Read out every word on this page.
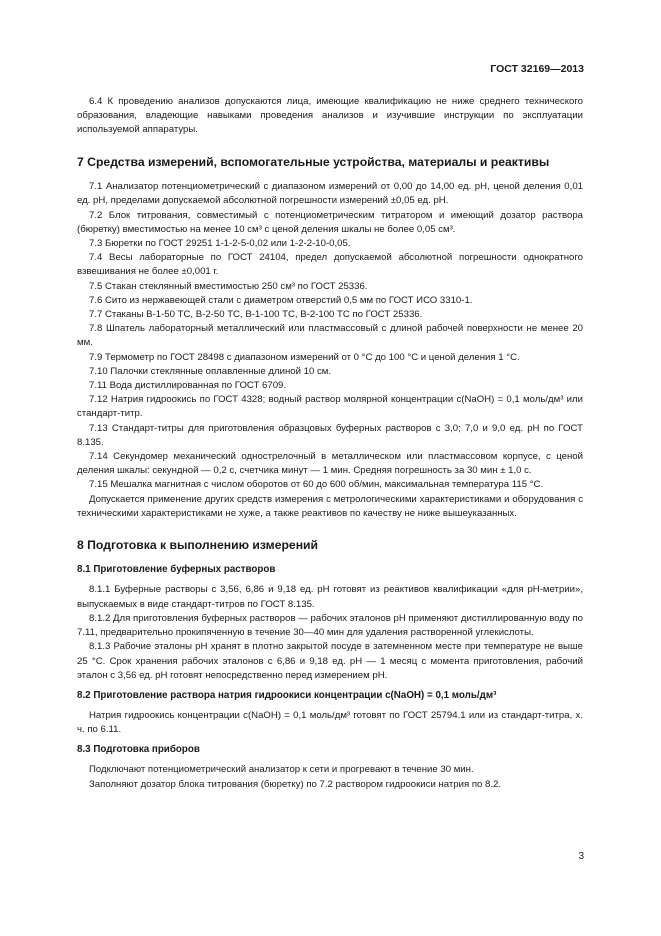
ГОСТ 32169—2013

6.4 К проведению анализов допускаются лица, имеющие квалификацию не ниже среднего технического образования, владеющие навыками проведения анализов и изучившие инструкции по эксплуатации используемой аппаратуры.

7 Средства измерений, вспомогательные устройства, материалы и реактивы

7.1 Анализатор потенциометрический с диапазоном измерений от 0,00 до 14,00 ед. рН, ценой деления 0,01 ед. рН, пределами допускаемой абсолютной погрешности измерений ±0,05 ед. рН.

7.2 Блок титрования, совместимый с потенциометрическим титратором и имеющий дозатор раствора (бюретку) вместимостью на менее 10 см³ с ценой деления шкалы не более 0,05 см³.

7.3 Бюретки по ГОСТ 29251 1-1-2-5-0,02 или 1-2-2-10-0,05.

7.4 Весы лабораторные по ГОСТ 24104, предел допускаемой абсолютной погрешности однократного взвешивания не более ±0,001 г.

7.5 Стакан стеклянный вместимостью 250 см³ по ГОСТ 25336.

7.6 Сито из нержавеющей стали с диаметром отверстий 0,5 мм по ГОСТ ИСО 3310-1.

7.7 Стаканы В-1-50 ТС, В-2-50 ТС, В-1-100 ТС, В-2-100 ТС по ГОСТ 25336.

7.8 Шпатель лабораторный металлический или пластмассовый с длиной рабочей поверхности не менее 20 мм.

7.9 Термометр по ГОСТ 28498 с диапазоном измерений от 0 °С до 100 °С и ценой деления 1 °С.

7.10 Палочки стеклянные оплавленные длиной 10 см.

7.11 Вода дистиллированная по ГОСТ 6709.

7.12 Натрия гидроокись по ГОСТ 4328; водный раствор молярной концентрации c(NaOH) = 0,1 моль/дм³ или стандарт-титр.

7.13 Стандарт-титры для приготовления образцовых буферных растворов с 3,0; 7,0 и 9,0 ед. рН по ГОСТ 8.135.

7.14 Секундомер механический однострелочный в металлическом или пластмассовом корпусе, с ценой деления шкалы: секундной — 0,2 с, счетчика минут — 1 мин. Средняя погрешность за 30 мин ± 1,0 с.

7.15 Мешалка магнитная с числом оборотов от 60 до 600 об/мин, максимальная температура 115 °С.

Допускается применение других средств измерения с метрологическими характеристиками и оборудования с техническими характеристиками не хуже, а также реактивов по качеству не ниже вышеуказанных.

8 Подготовка к выполнению измерений
8.1 Приготовление буферных растворов

8.1.1 Буферные растворы с 3,56, 6,86 и 9,18 ед. рН готовят из реактивов квалификации «для рН-метрии», выпускаемых в виде стандарт-титров по ГОСТ 8.135.

8.1.2 Для приготовления буферных растворов — рабочих эталонов рН применяют дистиллированную воду по 7.11, предварительно прокипяченную в течение 30—40 мин для удаления растворенной углекислоты.

8.1.3 Рабочие эталоны рН хранят в плотно закрытой посуде в затемненном месте при температуре не выше 25 °С. Срок хранения рабочих эталонов с 6,86 и 9,18 ед. рН — 1 месяц с момента приготовления, рабочий эталон с 3,56 ед. рН готовят непосредственно перед измерением рН.

8.2 Приготовление раствора натрия гидроокиси концентрации c(NaOH) = 0,1 моль/дм³

Натрия гидроокись концентрации c(NaOH) = 0,1 моль/дм³ готовят по ГОСТ 25794.1 или из стандарт-титра, х. ч. по 6.11.

8.3 Подготовка приборов

Подключают потенциометрический анализатор к сети и прогревают в течение 30 мин.

Заполняют дозатор блока титрования (бюретку) по 7.2 раствором гидроокиси натрия по 8.2.

3
